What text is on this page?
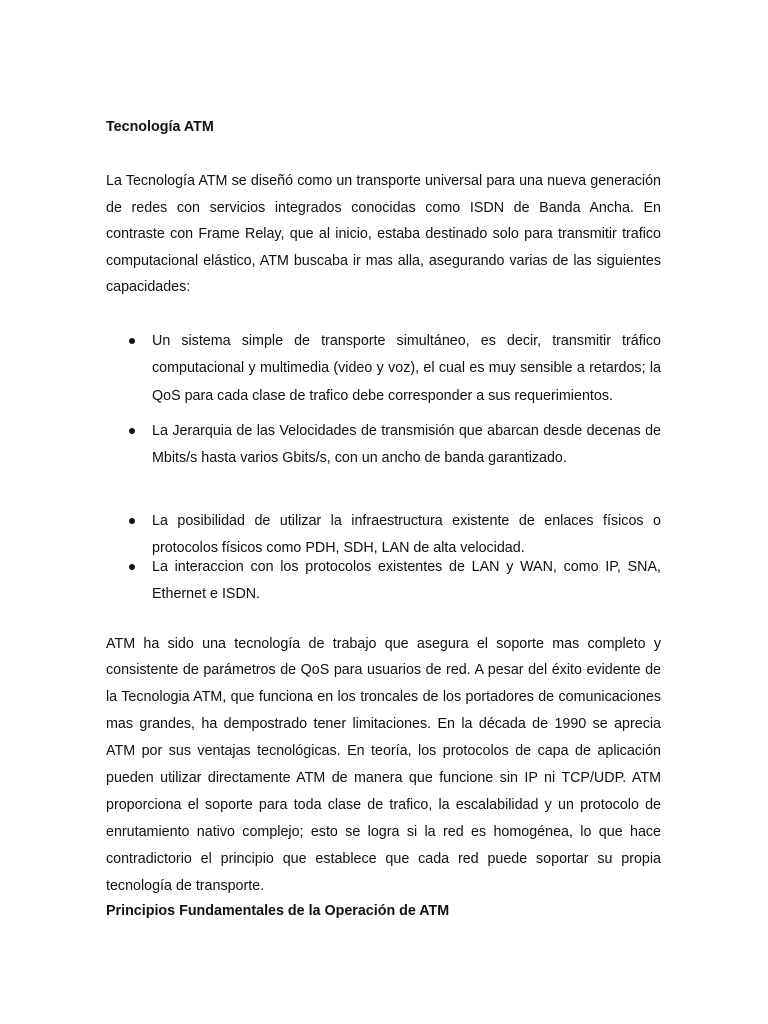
Tecnología ATM

La Tecnología ATM se diseñó como un transporte universal para una nueva generación de redes con servicios integrados conocidas como ISDN de Banda Ancha. En contraste con Frame Relay, que al inicio, estaba destinado solo para transmitir trafico computacional elástico, ATM buscaba ir mas alla, asegurando varias de las siguientes capacidades:

Un sistema simple de transporte simultáneo, es decir, transmitir tráfico computacional y multimedia (video y voz), el cual es muy sensible a retardos; la QoS para cada clase de trafico debe corresponder a sus requerimientos.
La Jerarquia de las Velocidades de transmisión que abarcan desde decenas de Mbits/s hasta varios Gbits/s, con un ancho de banda garantizado.
La posibilidad de utilizar la infraestructura existente de enlaces físicos o protocolos físicos como PDH, SDH, LAN de alta velocidad.
La interaccion con los protocolos existentes de LAN y WAN, como IP, SNA, Ethernet e ISDN.

ATM ha sido una tecnología de trabajo que asegura el soporte mas completo y consistente de parámetros de QoS para usuarios de red. A pesar del éxito evidente de la Tecnologia ATM, que funciona en los troncales de los portadores de comunicaciones mas grandes, ha dempostrado tener limitaciones. En la década de 1990 se aprecia ATM por sus ventajas tecnológicas. En teoría, los protocolos de capa de aplicación pueden utilizar directamente ATM de manera que funcione sin IP ni TCP/UDP. ATM proporciona el soporte para toda clase de trafico, la escalabilidad y un protocolo de enrutamiento nativo complejo; esto se logra si la red es homogénea, lo que hace contradictorio el principio que establece que cada red puede soportar su propia tecnología de transporte.

Principios Fundamentales de la Operación de ATM
